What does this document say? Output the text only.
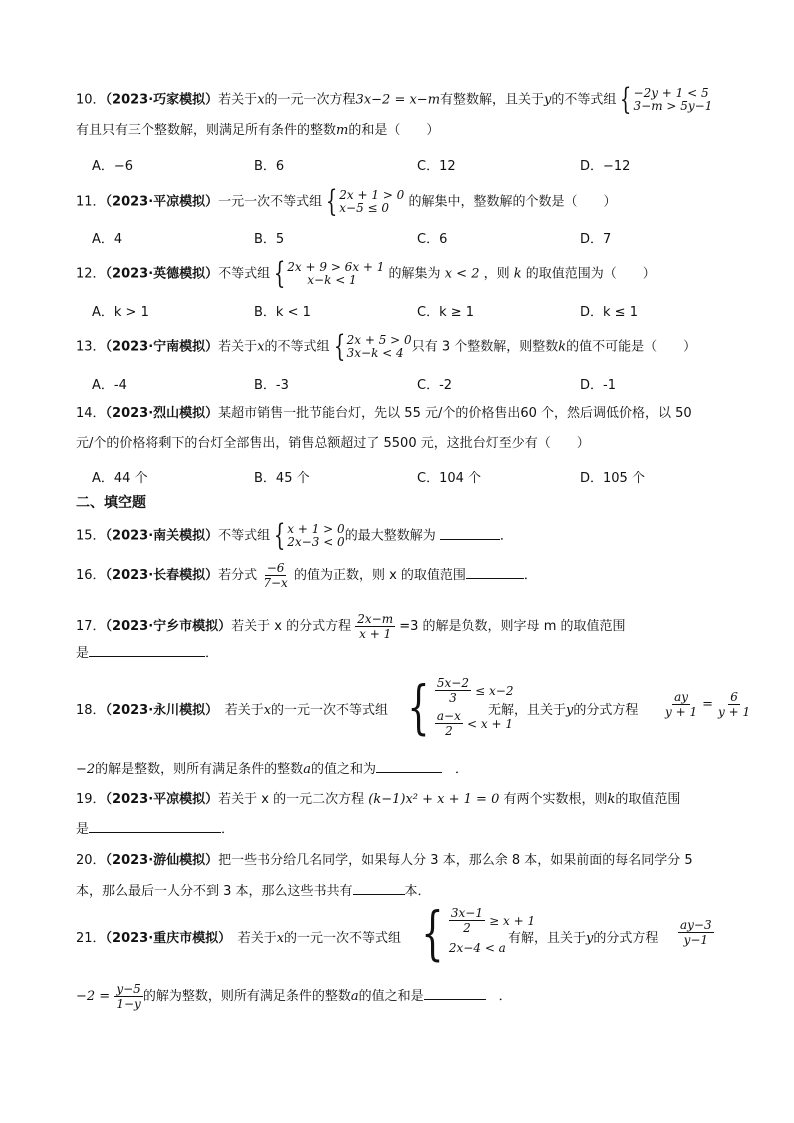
10．（2023·巧家模拟）若关于x的一元一次方程3x−2 = x−m有整数解，且关于y的不等式组 { −2y + 1 < 5
3−m > 5y−1
有且只有三个整数解，则满足所有条件的整数m的和是（　　）
A．−6	B．6	C．12	D．−12
11．（2023·平凉模拟）一元一次不等式组 { 2x + 1 > 0
x−5 ≤ 0	的解集中，整数解的个数是（　　）
A．4	B．5	C．6	D．7
12．（2023·英德模拟）不等式组 { 2x + 9 > 6x + 1
x−k < 1	的解集为 x < 2 ，则 k 的取值范围为（　　）
A．k > 1	B．k < 1	C．k ≥ 1	D．k ≤ 1
13．（2023·宁南模拟）若关于x的不等式组 { 2x + 5 > 0
3x−k < 4 只有 3 个整数解，则整数k的值不可能是（　　）
A．-4	B．-3	C．-2	D．-1
14．（2023·烈山模拟）某超市销售一批节能台灯，先以 55 元/个的价格售出60 个，然后调低价格，以 50
元/个的价格将剩下的台灯全部售出，销售总额超过了 5500 元，这批台灯至少有（　　）
A．44 个	B．45 个	C．104 个	D．105 个
二、填空题
15．（2023·南关模拟）不等式组 { x + 1 > 0
2x−3 < 0 的最大整数解为	．
16．（2023·长春模拟）若分式 $\frac{-6}{7-x}$ 的值为正数，则 x 的取值范围	．
17．（2023·宁乡市模拟）若关于 x 的分式方程 $\frac{2x-m}{x + 1} =3$ 的解是负数，则字母 m 的取值范围
是	．
18．（2023·永川模拟）　 若关于x的一元一次不等式组 { $\frac{5x-2}{3}$
≤ x−2
$\frac{a-x}{2}$
< x + 1
无解，且关于y的分式方程 $\frac{ay}{y + 1} = \frac{6}{y + 1}$
−2的解是整数，则所有满足条件的整数a的值之和为　	．
19．（2023·平凉模拟）若关于 x 的一元二次方程 (k−1)x² + x + 1 = 0 有两个实数根，则k的取值范围
是	．
20．（2023·游仙模拟）把一些书分给几名同学，如果每人分 3 本，那么余 8 本，如果前面的每名同学分 5
本，那么最后一人分不到 3 本，那么这些书共有	本．
21．（2023·重庆市模拟）　 若关于x的一元一次不等式组 { $\frac{3x-1}{2}$
≥ x + 1
2x−4 < a
有解，且关于y的分式方程 $\frac{ay-3}{y-1}$
$-2 = \frac{y-5}{1-y}$ 的解为整数，则所有满足条件的整数a的值之和是　	．
